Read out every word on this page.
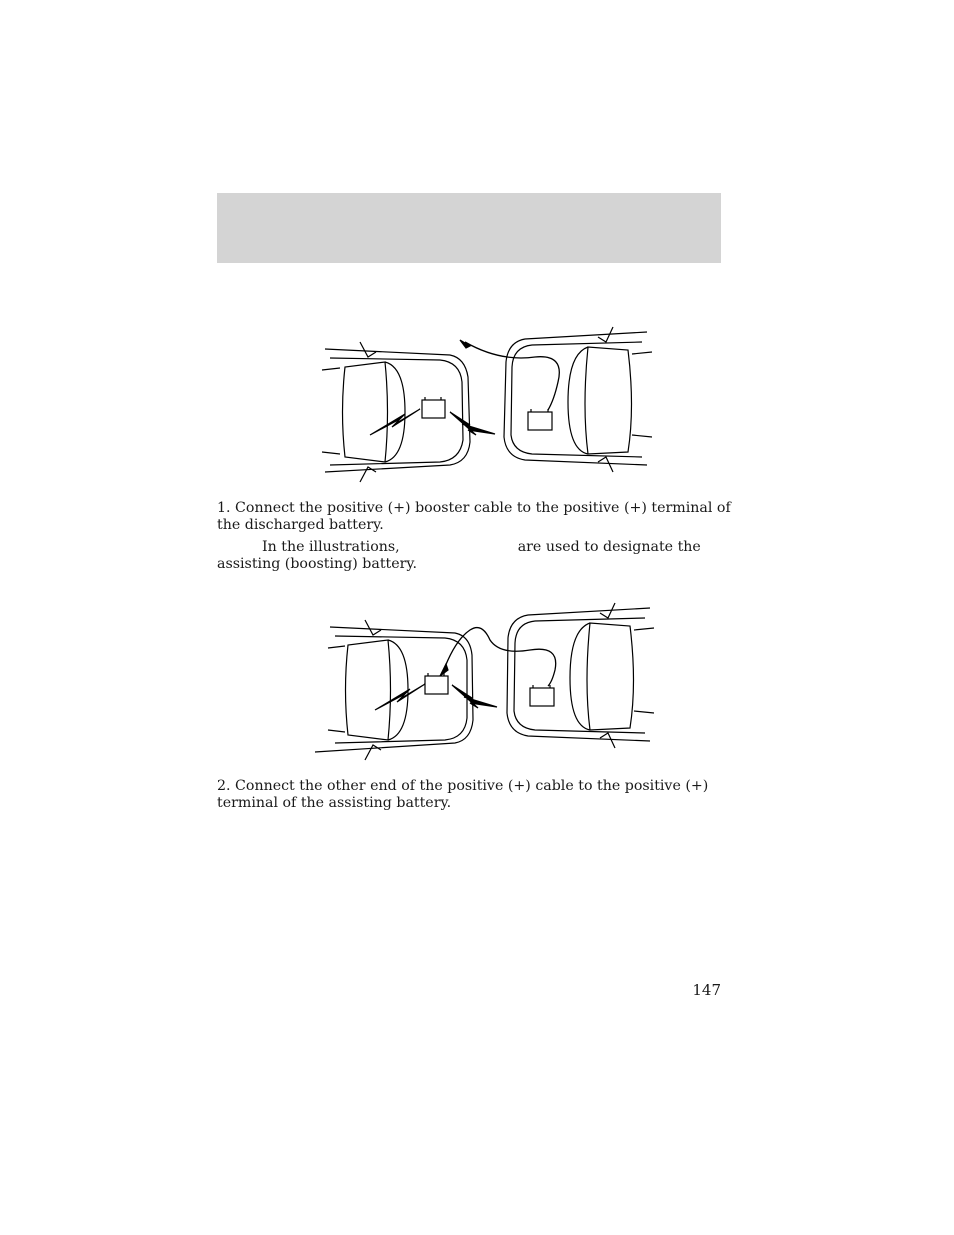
1. Connect the positive (+) booster cable to the positive (+) terminal of
the discharged battery.

In the illustrations,	are used to designate the
assisting (boosting) battery.

2. Connect the other end of the positive (+) cable to the positive (+)
terminal of the assisting battery.

147
